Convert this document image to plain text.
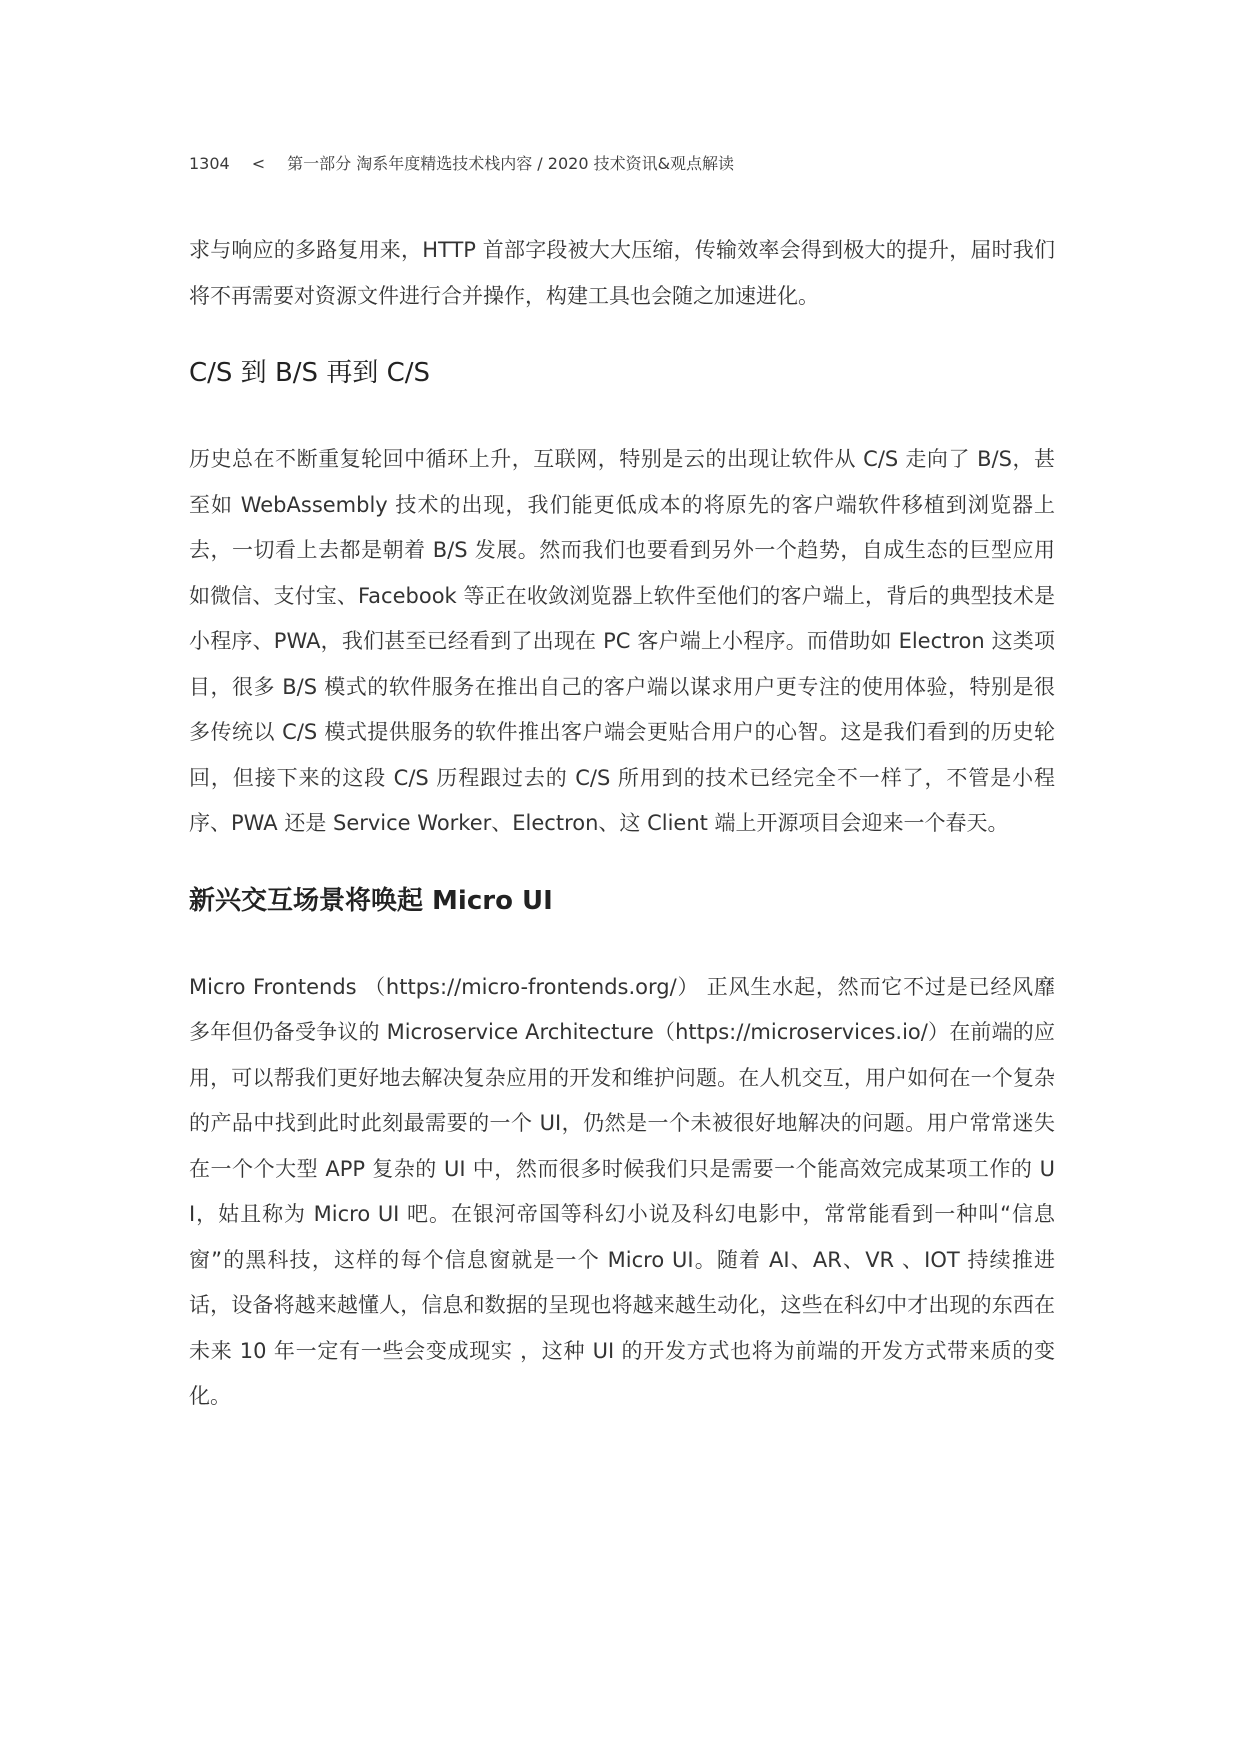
1304 < 第一部分 淘系年度精选技术栈内容 / 2020 技术资讯&观点解读

求与响应的多路复用来，HTTP 首部字段被大大压缩，传输效率会得到极大的提升，届时我们将不再需要对资源文件进行合并操作，构建工具也会随之加速进化。

C/S 到 B/S 再到 C/S

历史总在不断重复轮回中循环上升，互联网，特别是云的出现让软件从 C/S 走向了 B/S，甚至如 WebAssembly 技术的出现，我们能更低成本的将原先的客户端软件移植到浏览器上去，一切看上去都是朝着 B/S 发展。然而我们也要看到另外一个趋势，自成生态的巨型应用如微信、支付宝、Facebook 等正在收敛浏览器上软件至他们的客户端上，背后的典型技术是小程序、PWA，我们甚至已经看到了出现在 PC 客户端上小程序。而借助如 Electron 这类项目，很多 B/S 模式的软件服务在推出自己的客户端以谋求用户更专注的使用体验，特别是很多传统以 C/S 模式提供服务的软件推出客户端会更贴合用户的心智。这是我们看到的历史轮回，但接下来的这段 C/S 历程跟过去的 C/S 所用到的技术已经完全不一样了，不管是小程序、PWA 还是 Service Worker、Electron、这 Client 端上开源项目会迎来一个春天。

新兴交互场景将唤起 Micro UI

Micro Frontends （https://micro-frontends.org/） 正风生水起，然而它不过是已经风靡多年但仍备受争议的 Microservice Architecture（https://microservices.io/）在前端的应用，可以帮我们更好地去解决复杂应用的开发和维护问题。在人机交互，用户如何在一个复杂的产品中找到此时此刻最需要的一个 UI，仍然是一个未被很好地解决的问题。用户常常迷失在一个个大型 APP 复杂的 UI 中，然而很多时候我们只是需要一个能高效完成某项工作的 UI，姑且称为 Micro UI 吧。在银河帝国等科幻小说及科幻电影中，常常能看到一种叫“信息窗”的黑科技，这样的每个信息窗就是一个 Micro UI。随着 AI、AR、VR 、IOT 持续推进话，设备将越来越懂人，信息和数据的呈现也将越来越生动化，这些在科幻中才出现的东西在未来 10 年一定有一些会变成现实 ，这种 UI 的开发方式也将为前端的开发方式带来质的变化。
